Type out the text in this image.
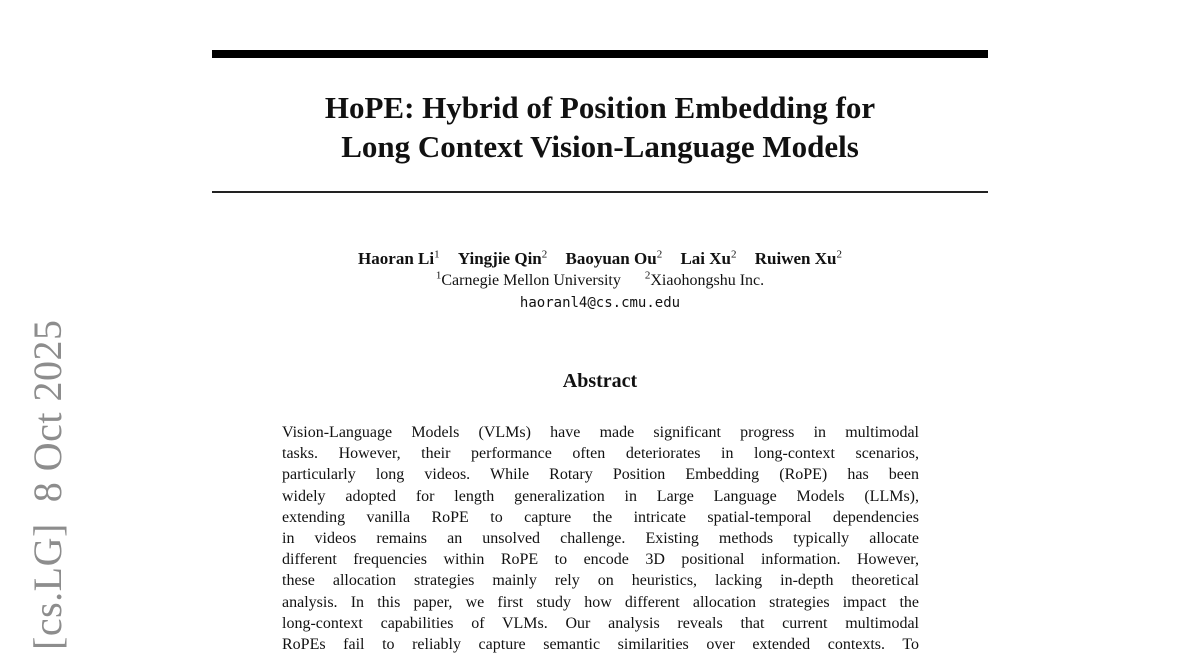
HoPE: Hybrid of Position Embedding for
Long Context Vision-Language Models
Haoran Li$^1$ Yingjie Qin$^2$ Baoyuan Ou$^2$ Lai Xu$^2$ Ruiwen Xu$^2$
$^1$Carnegie Mellon University $^2$Xiaohongshu Inc.
haoranl4@cs.cmu.edu
Abstract
Vision-Language Models (VLMs) have made significant progress in multimodal
tasks. However, their performance often deteriorates in long-context scenarios,
particularly long videos. While Rotary Position Embedding (RoPE) has been
widely adopted for length generalization in Large Language Models (LLMs),
extending vanilla RoPE to capture the intricate spatial-temporal dependencies
in videos remains an unsolved challenge. Existing methods typically allocate
different frequencies within RoPE to encode 3D positional information. However,
these allocation strategies mainly rely on heuristics, lacking in-depth theoretical
analysis. In this paper, we first study how different allocation strategies impact the
long-context capabilities of VLMs. Our analysis reveals that current multimodal
RoPEs fail to reliably capture semantic similarities over extended contexts. To
[cs.LG]  8 Oct 2025
